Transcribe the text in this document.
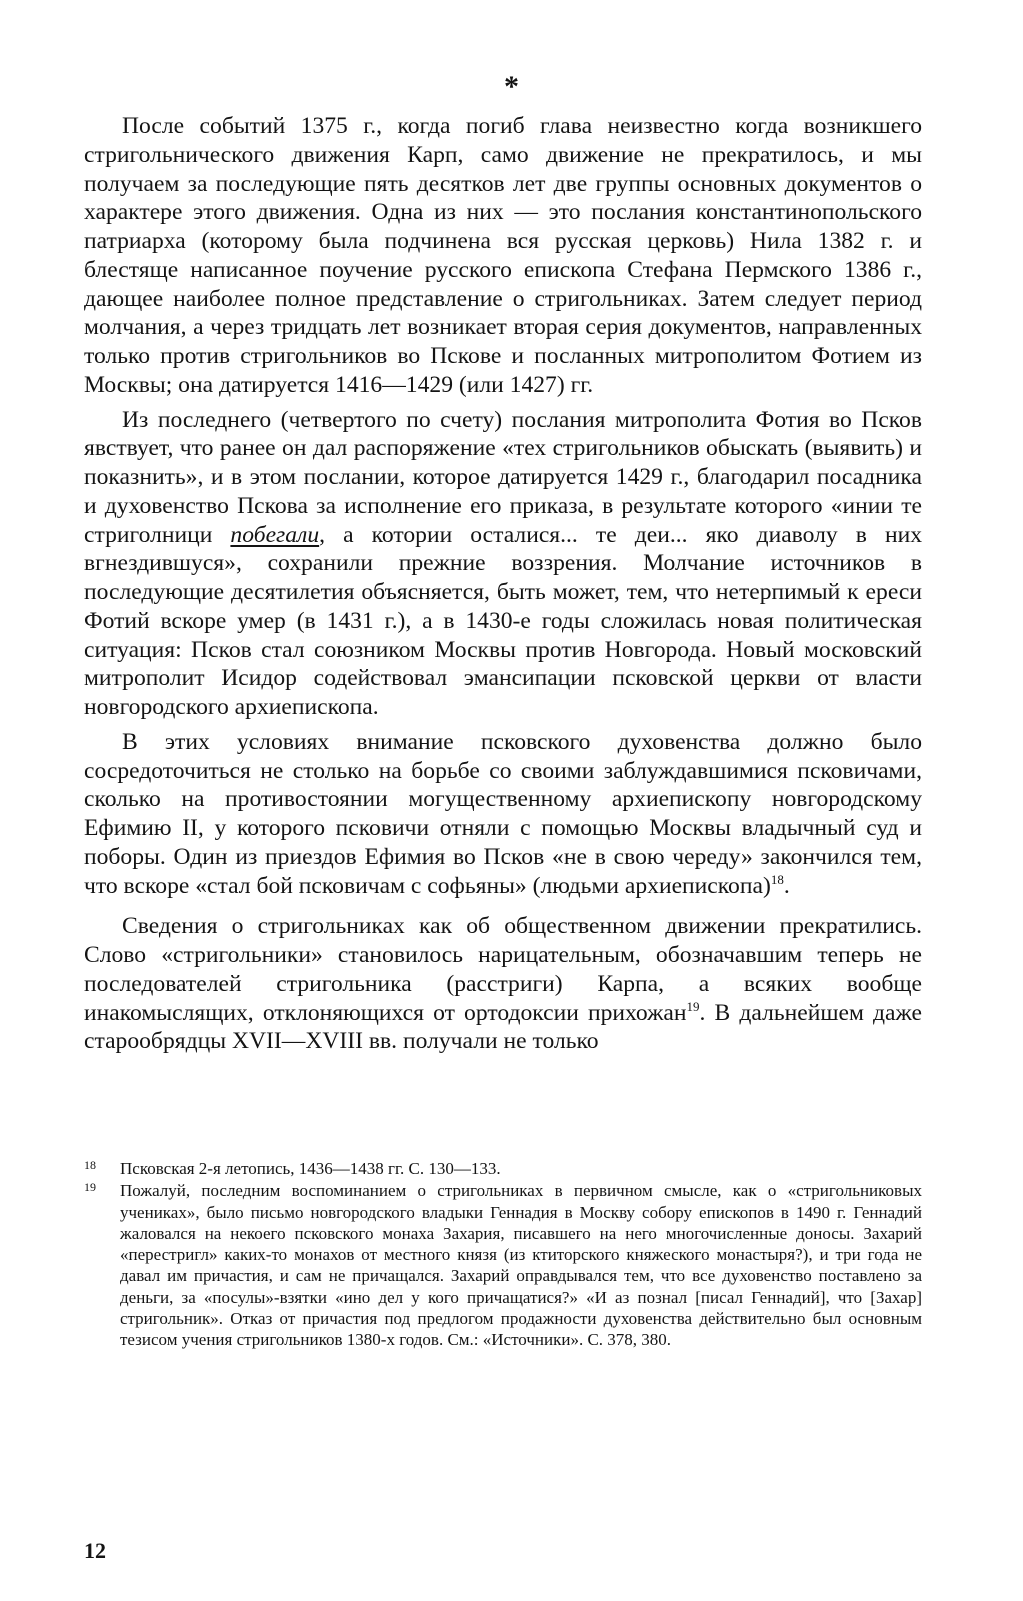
*

После событий 1375 г., когда погиб глава неизвестно когда возникшего стригольнического движения Карп, само движение не прекратилось, и мы получаем за последующие пять десятков лет две группы основных документов о характере этого движения. Одна из них — это послания константинопольского патриарха (которому была подчинена вся русская церковь) Нила 1382 г. и блестяще написанное поучение русского епископа Стефана Пермского 1386 г., дающее наиболее полное представление о стригольниках. Затем следует период молчания, а через тридцать лет возникает вторая серия документов, направленных только против стригольников во Пскове и посланных митрополитом Фотием из Москвы; она датируется 1416—1429 (или 1427) гг.

Из последнего (четвертого по счету) послания митрополита Фотия во Псков явствует, что ранее он дал распоряжение «тех стригольников обыскать (выявить) и показнить», и в этом послании, которое датируется 1429 г., благодарил посадника и духовенство Пскова за исполнение его приказа, в результате которого «инии те стриголници побегали, а котории осталися... те деи... яко диаволу в них вгнездившуся», сохранили прежние воззрения. Молчание источников в последующие десятилетия объясняется, быть может, тем, что нетерпимый к ереси Фотий вскоре умер (в 1431 г.), а в 1430-е годы сложилась новая политическая ситуация: Псков стал союзником Москвы против Новгорода. Новый московский митрополит Исидор содействовал эмансипации псковской церкви от власти новгородского архиепископа.

В этих условиях внимание псковского духовенства должно было сосредоточиться не столько на борьбе со своими заблуждавшимися псковичами, сколько на противостоянии могущественному архиепископу новгородскому Ефимию II, у которого псковичи отняли с помощью Москвы владычный суд и поборы. Один из приездов Ефимия во Псков «не в свою череду» закончился тем, что вскоре «стал бой псковичам с софьяны» (людьми архиепископа)$^{18}$.

Сведения о стригольниках как об общественном движении прекратились. Слово «стригольники» становилось нарицательным, обозначавшим теперь не последователей стригольника (расстриги) Карпа, а всяких вообще инакомыслящих, отклоняющихся от ортодоксии прихожан$^{19}$. В дальнейшем даже старообрядцы XVII—XVIII вв. получали не только

18 Псковская 2-я летопись, 1436—1438 гг. С. 130—133.
19 Пожалуй, последним воспоминанием о стригольниках в первичном смысле, как о «стригольниковых учениках», было письмо новгородского владыки Геннадия в Москву собору епископов в 1490 г. Геннадий жаловался на некоего псковского монаха Захария, писавшего на него многочисленные доносы. Захарий «перестригл» каких-то монахов от местного князя (из ктиторского княжеского монастыря?), и три года не давал им причастия, и сам не причащался. Захарий оправдывался тем, что все духовенство поставлено за деньги, за «посулы»-взятки «ино дел у кого причащатися?» «И аз познал [писал Геннадий], что [Захар] стригольник». Отказ от причастия под предлогом продажности духовенства действительно был основным тезисом учения стригольников 1380-х годов. См.: «Источники». С. 378, 380.
12
